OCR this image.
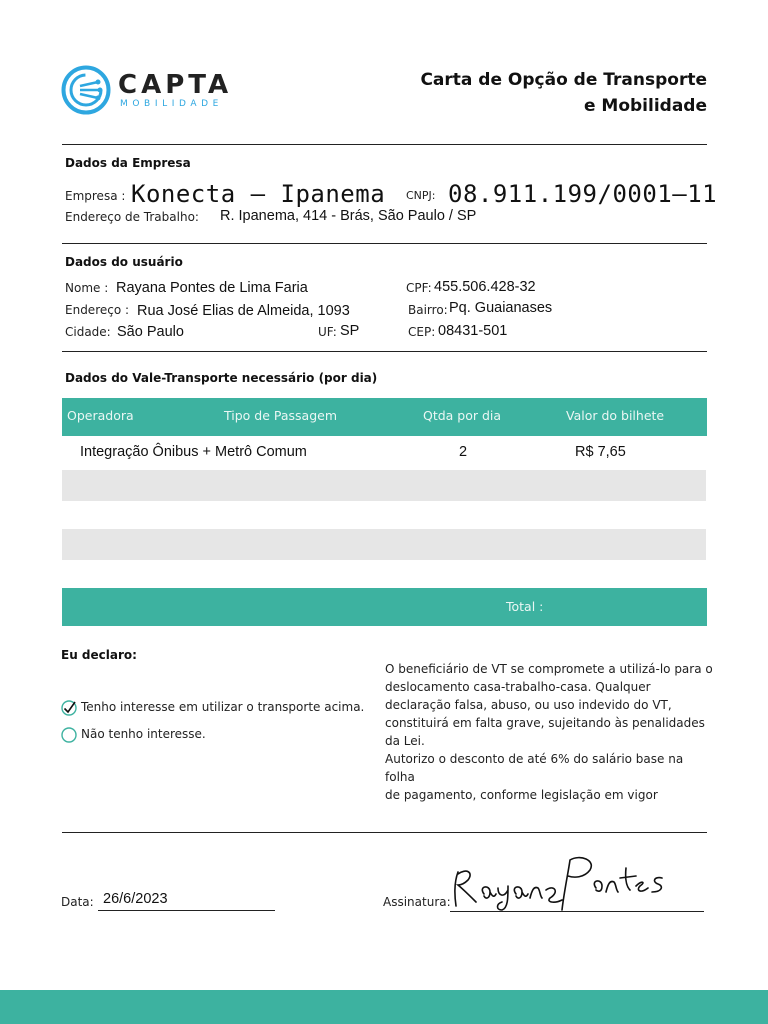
CAPTA
MOBILIDADE
Carta de Opção de Transporte
e Mobilidade
Dados da Empresa
Empresa : Konecta – Ipanema CNPJ: 08.911.199/0001–11
Endereço de Trabalho: R. Ipanema, 414 - Brás, São Paulo / SP
Dados do usuário
Nome : Rayana Pontes de Lima Faria	CPF: 455.506.428-32
Endereço : Rua José Elias de Almeida, 1093	Bairro: Pq. Guaianases
Cidade: São Paulo	UF: SP	CEP: 08431-501
Dados do Vale-Transporte necessário (por dia)
Operadora	Tipo de Passagem	Qtda por dia	Valor do bilhete
Integração Ônibus + Metrô Comum	2	R$ 7,65
Total :
Eu declaro:
Tenho interesse em utilizar o transporte acima.
Não tenho interesse.
O beneficiário de VT se compromete a utilizá-lo para o
deslocamento casa-trabalho-casa. Qualquer
declaração falsa, abuso, ou uso indevido do VT,
constituirá em falta grave, sujeitando às penalidades
da Lei.
Autorizo o desconto de até 6% do salário base na folha
de pagamento, conforme legislação em vigor
Data: 26/6/2023	Assinatura:
